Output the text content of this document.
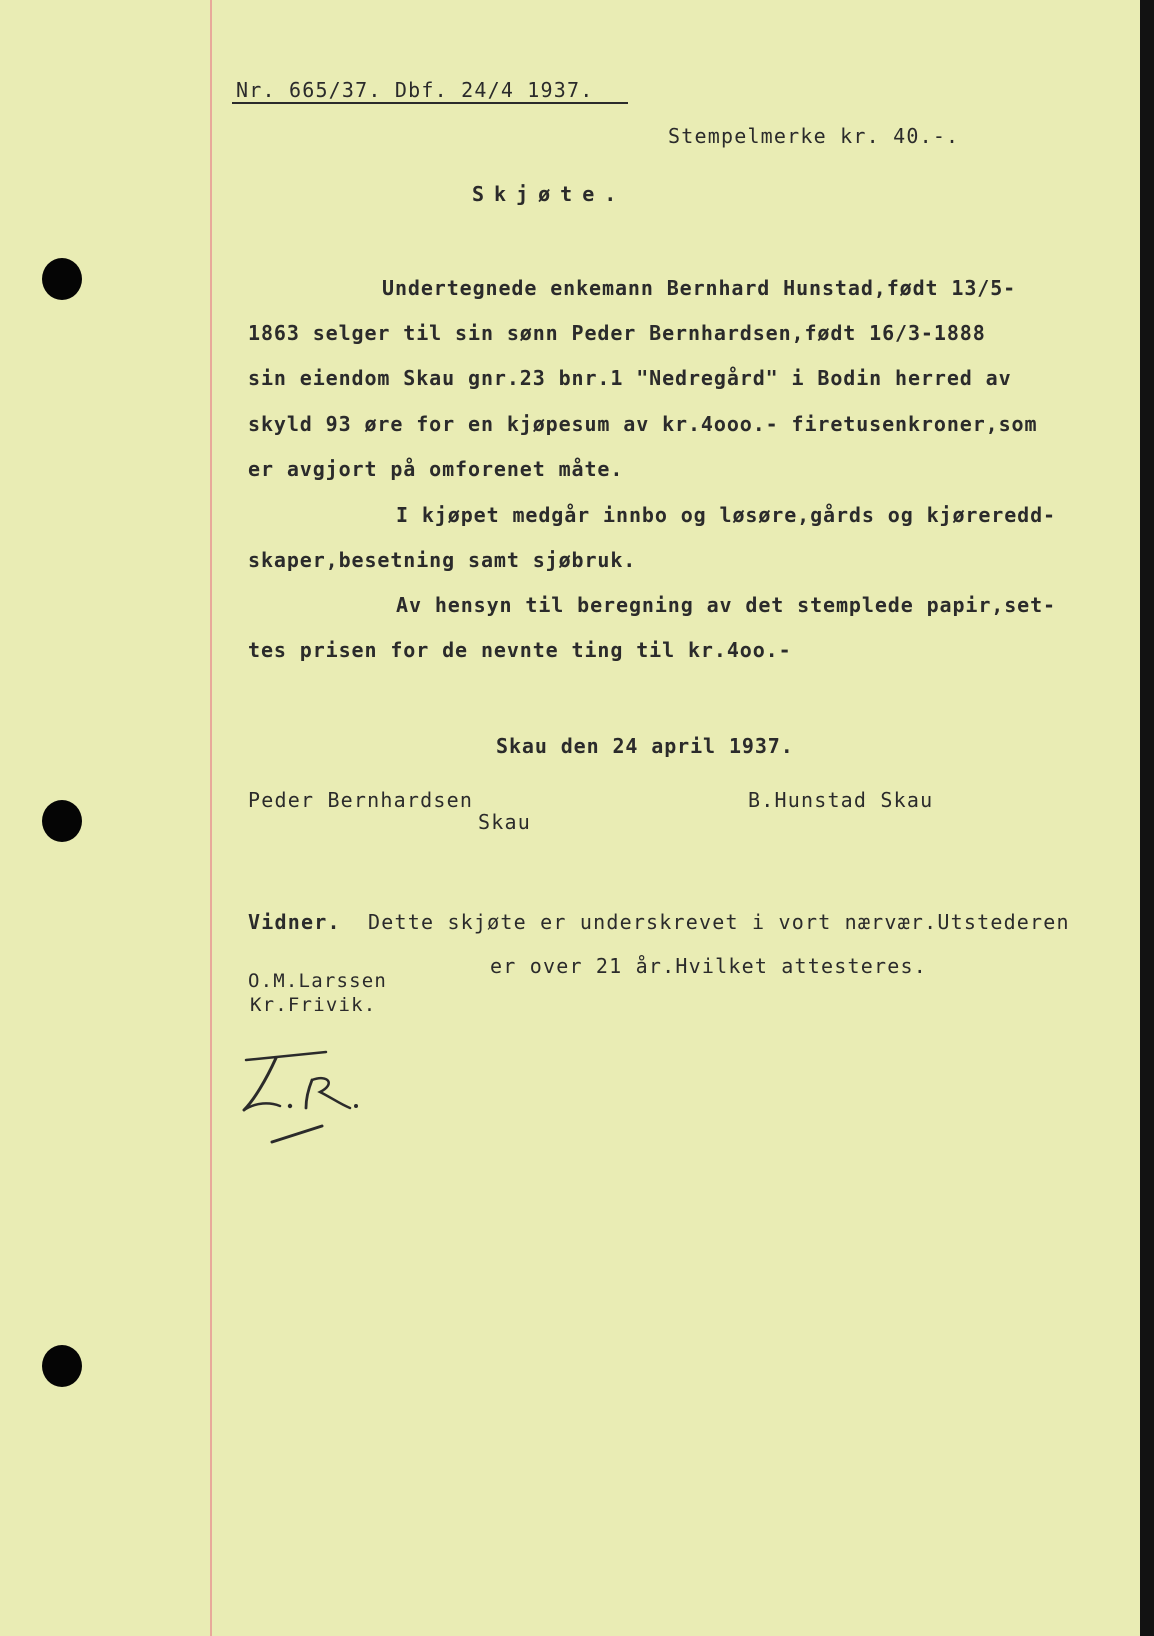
Nr. 665/37. Dbf. 24/4 1937.
Stempelmerke kr. 40.-.
Skjøte.
Undertegnede enkemann Bernhard Hunstad,født 13/5-
1863 selger til sin sønn Peder Bernhardsen,født 16/3-1888
sin eiendom Skau gnr.23 bnr.1 "Nedregård" i Bodin herred av
skyld 93 øre for en kjøpesum av kr.4ooo.- firetusenkroner,som
er avgjort på omforenet måte.
I kjøpet medgår innbo og løsøre,gårds og kjøreredd-
skaper,besetning samt sjøbruk.
Av hensyn til beregning av det stemplede papir,set-
tes prisen for de nevnte ting til kr.4oo.-
Skau den 24 april 1937.
Peder Bernhardsen
Skau
B.Hunstad Skau
Vidner. Dette skjøte er underskrevet i vort nærvær.Utstederen
er over 21 år.Hvilket attesteres.
O.M.Larssen
Kr.Frivik.
